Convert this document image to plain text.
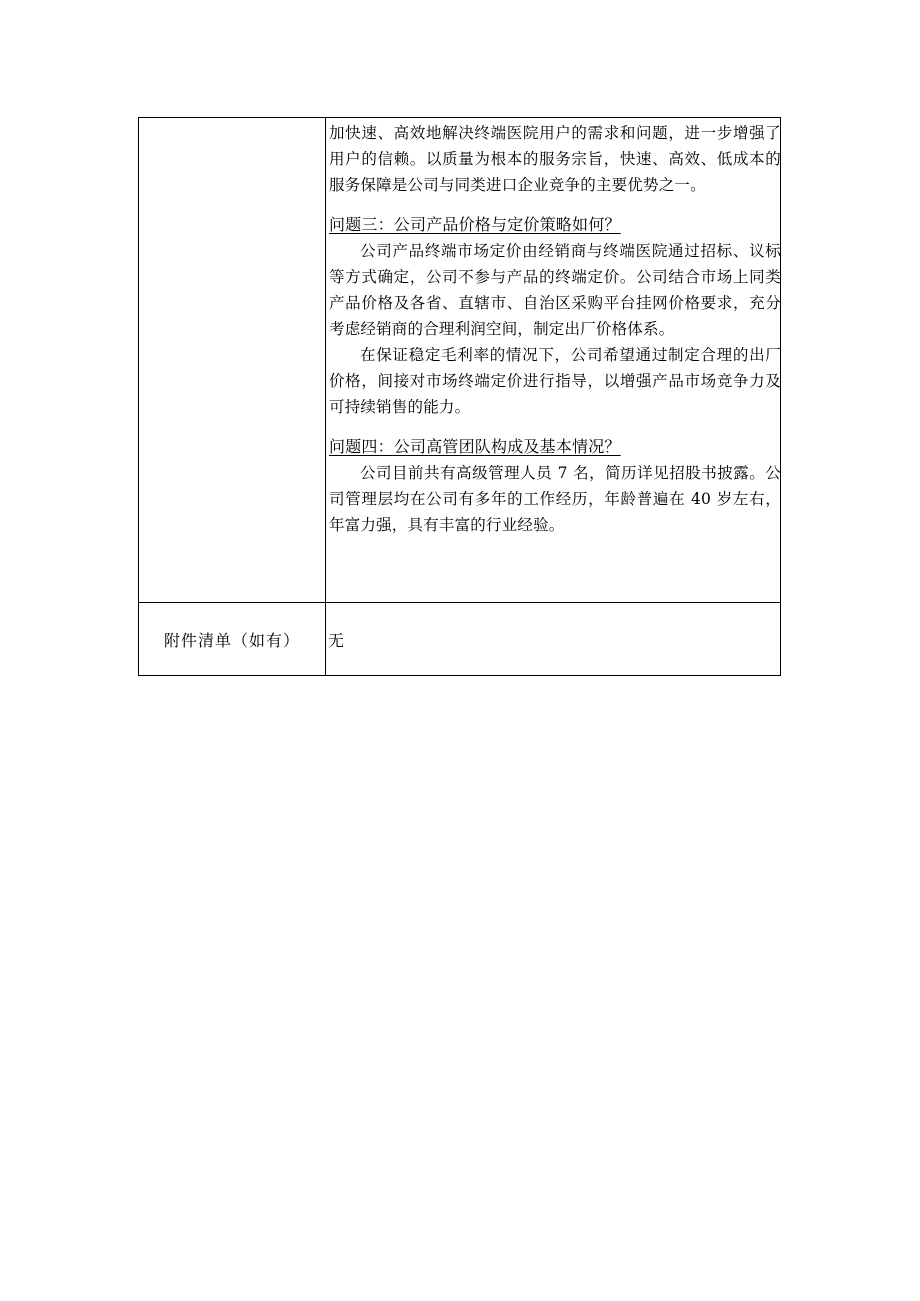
加快速、高效地解决终端医院用户的需求和问题，进一步增强了用户的信赖。以质量为根本的服务宗旨，快速、高效、低成本的服务保障是公司与同类进口企业竞争的主要优势之一。

问题三：公司产品价格与定价策略如何？

公司产品终端市场定价由经销商与终端医院通过招标、议标等方式确定，公司不参与产品的终端定价。公司结合市场上同类产品价格及各省、直辖市、自治区采购平台挂网价格要求，充分考虑经销商的合理利润空间，制定出厂价格体系。

在保证稳定毛利率的情况下，公司希望通过制定合理的出厂价格，间接对市场终端定价进行指导，以增强产品市场竞争力及可持续销售的能力。

问题四：公司高管团队构成及基本情况？

公司目前共有高级管理人员 7 名，简历详见招股书披露。公司管理层均在公司有多年的工作经历，年龄普遍在 40 岁左右，年富力强，具有丰富的行业经验。

附件清单（如有）	无
